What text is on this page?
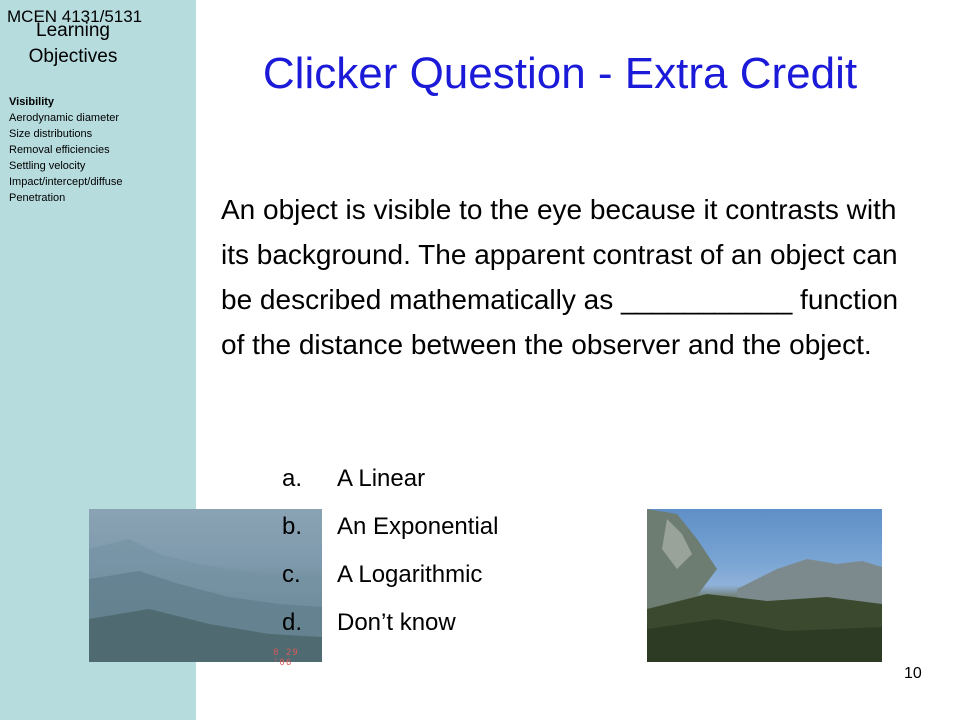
Learning Objectives
MCEN 4131/5131
Visibility
Aerodynamic diameter
Size distributions
Removal efficiencies
Settling velocity
Impact/intercept/diffuse
Penetration
Clicker Question - Extra Credit

An object is visible to the eye because it contrasts with its background. The apparent contrast of an object can be described mathematically as ___________ function of the distance between the observer and the object.

8 29 '06
a.	A Linear
b.	An Exponential
c.	A Logarithmic
d.	Don’t know
10
